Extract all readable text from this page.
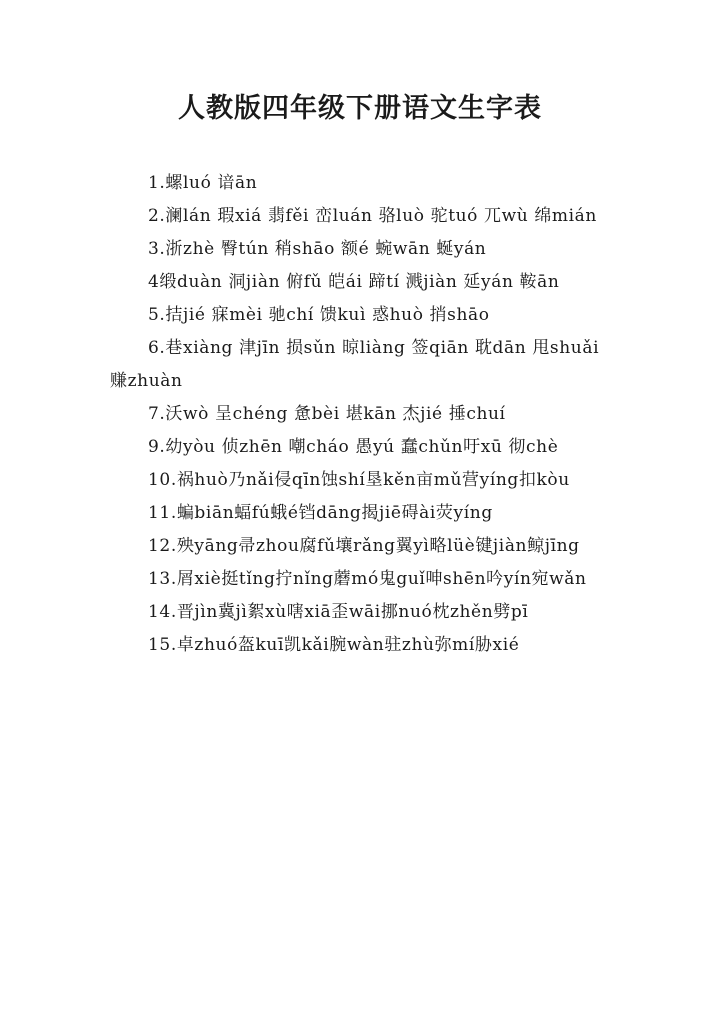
人教版四年级下册语文生字表

1.螺luó 谙ān

2.澜lán 瑕xiá 翡fěi 峦luán 骆luò 驼tuó 兀wù 绵mián

3.浙zhè 臀tún 稍shāo 额é 蜿wān 蜒yán

4缎duàn 洞jiàn 俯fǔ 皑ái 蹄tí 溅jiàn 延yán 鞍ān

5.拮jié 寐mèi 驰chí 馈kuì 惑huò 捎shāo

6.巷xiàng 津jīn 损sǔn 晾liàng 签qiān 耽dān 甩shuǎi 赚zhuàn

7.沃wò 呈chéng 惫bèi 堪kān 杰jié 捶chuí

9.幼yòu 侦zhēn 嘲cháo 愚yú 蠢chǔn吁xū 彻chè

10.祸huò乃nǎi侵qīn蚀shí垦kěn亩mǔ营yíng扣kòu

11.蝙biān蝠fú蛾é铛dāng揭jiē碍ài荧yíng

12.殃yāng帚zhou腐fǔ壤rǎng翼yì略lüè键jiàn鲸jīng

13.屑xiè挺tǐng拧nǐng蘑mó鬼guǐ呻shēn吟yín宛wǎn

14.晋jìn冀jì絮xù嗐xiā歪wāi挪nuó枕zhěn劈pī

15.卓zhuó盔kuī凯kǎi腕wàn驻zhù弥mí胁xié
